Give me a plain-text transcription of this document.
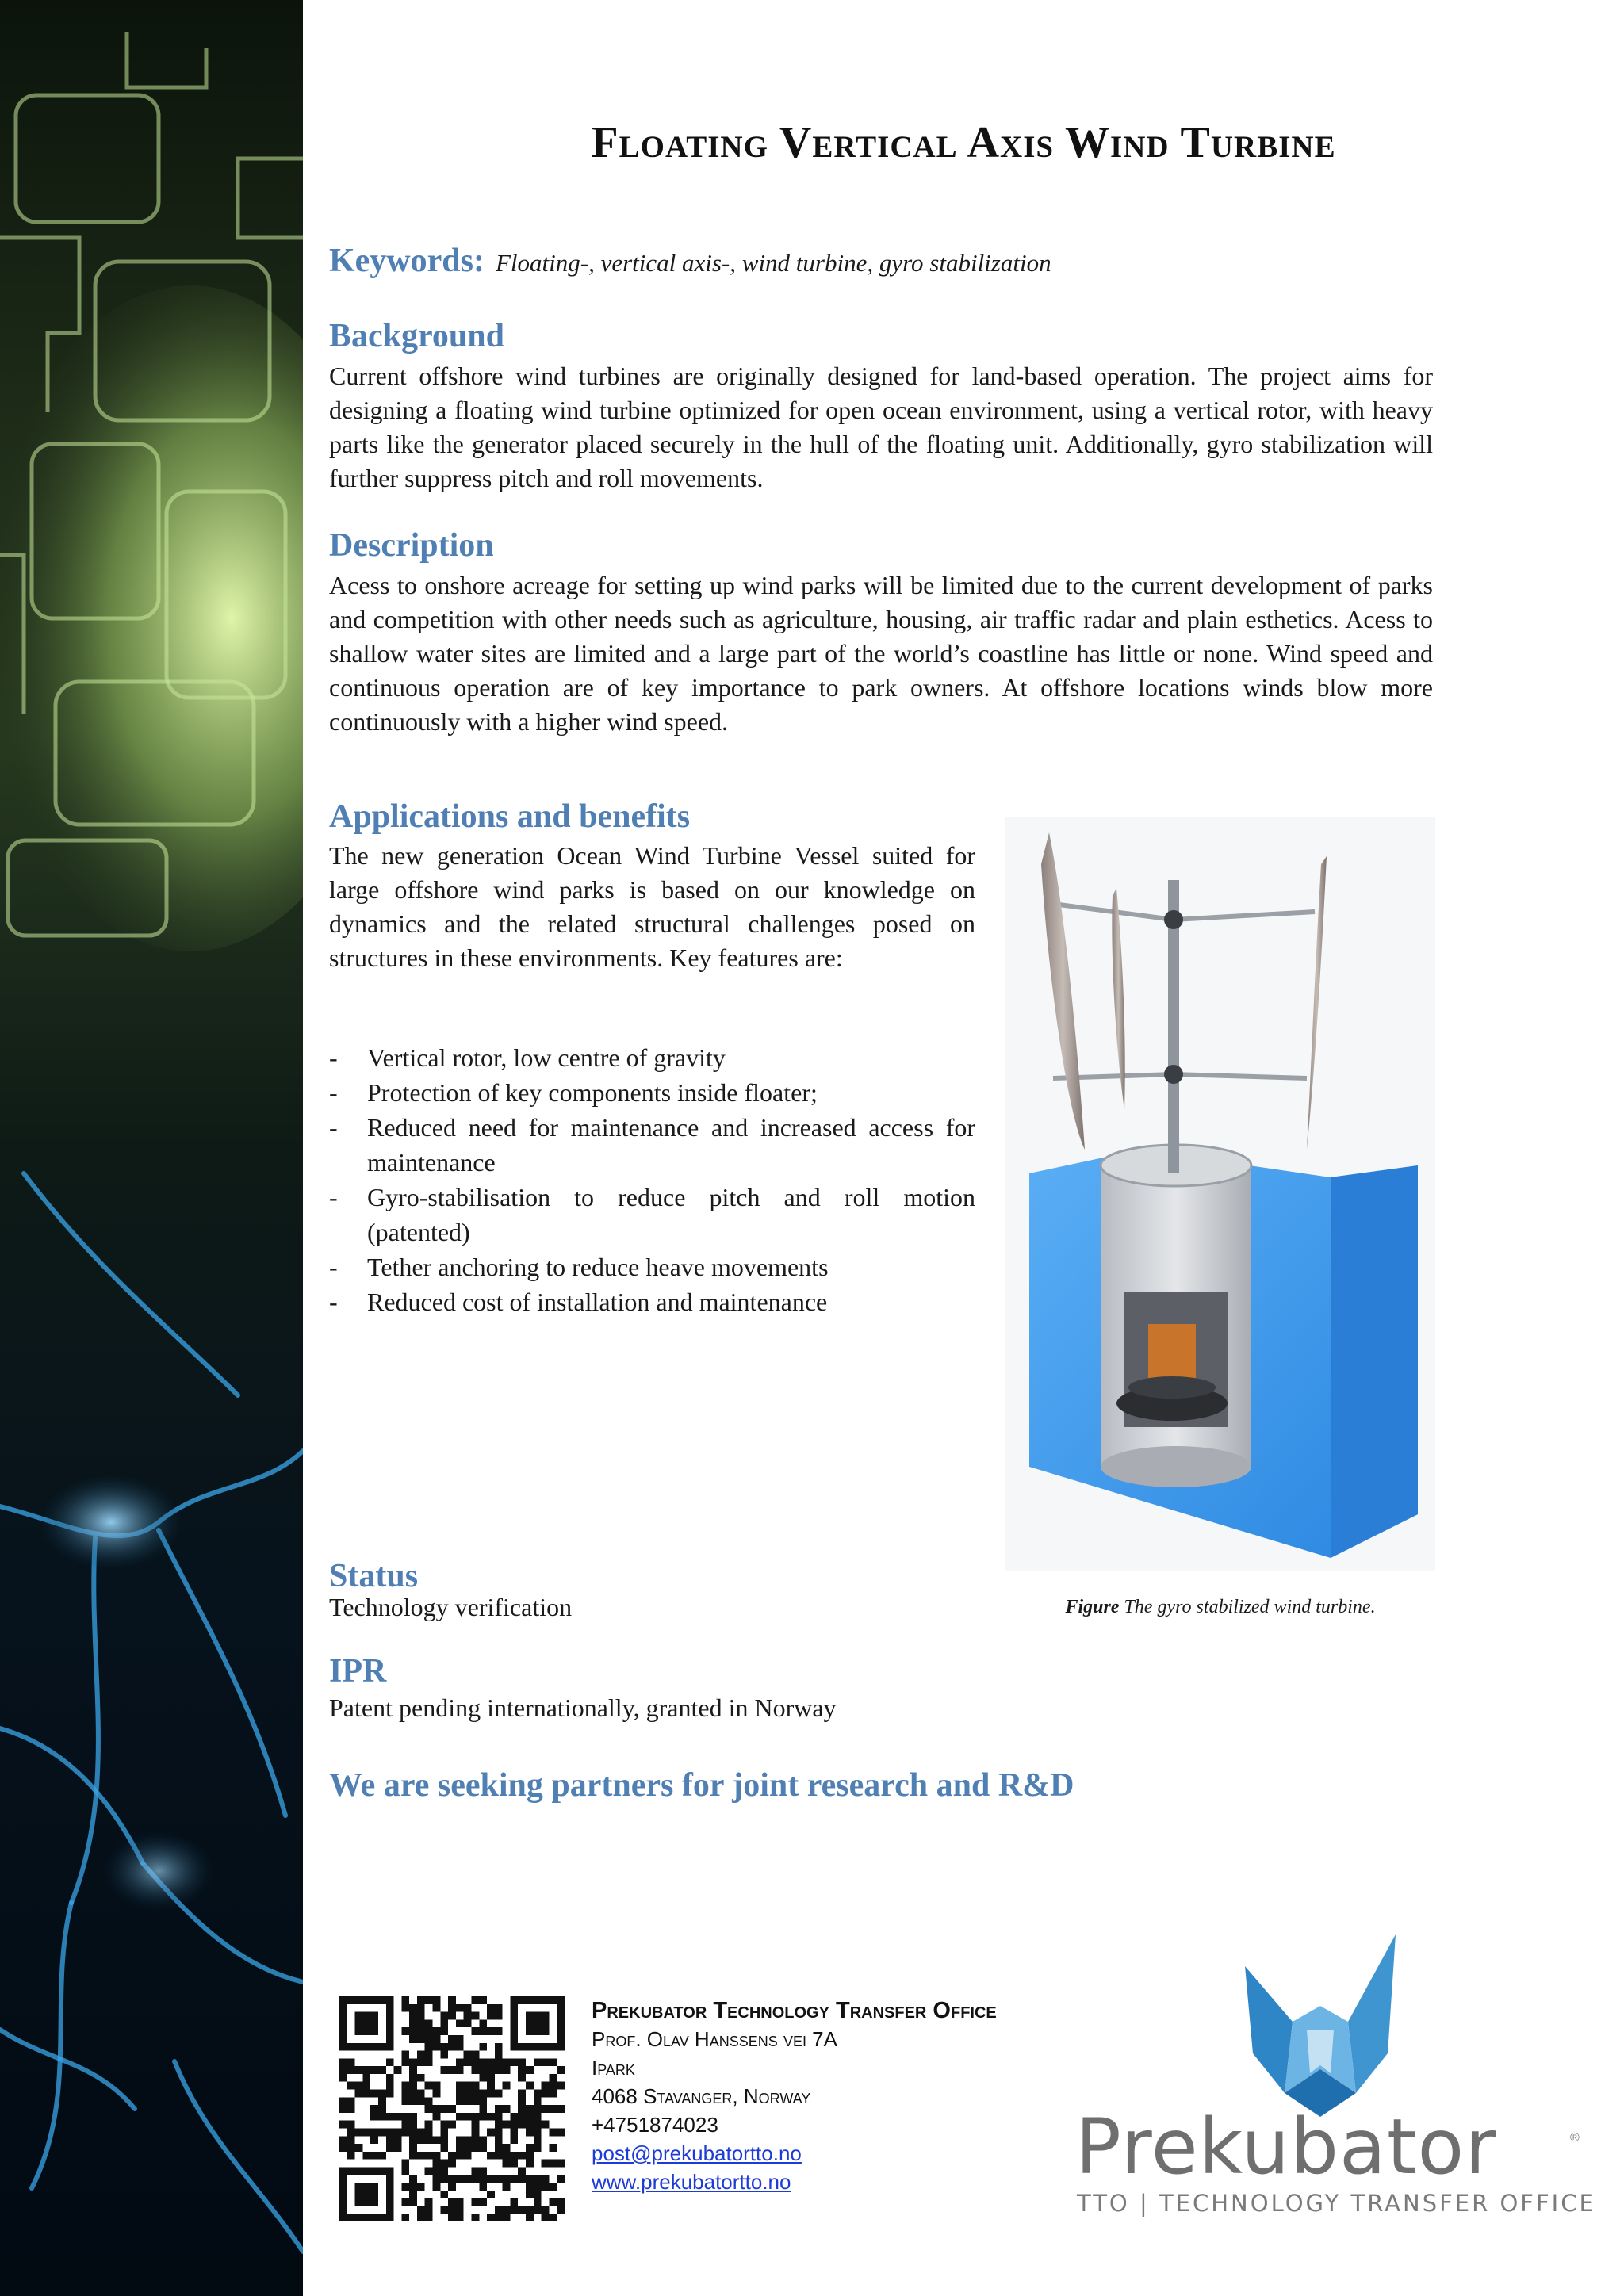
Floating Vertical Axis Wind Turbine
Keywords: Floating-, vertical axis-, wind turbine, gyro stabilization
Background
Current offshore wind turbines are originally designed for land-based operation. The project aims for designing a floating wind turbine optimized for open ocean environment, using a vertical rotor, with heavy parts like the generator placed securely in the hull of the floating unit. Additionally, gyro stabilization will further suppress pitch and roll movements.
Description
Acess to onshore acreage for setting up wind parks will be limited due to the current development of parks and competition with other needs such as agriculture, housing, air traffic radar and plain esthetics. Acess to shallow water sites are limited and a large part of the world’s coastline has little or none. Wind speed and continuous operation are of key importance to park owners. At offshore locations winds blow more continuously with a higher wind speed.
Applications and benefits
The new generation Ocean Wind Turbine Vessel suited for large offshore wind parks is based on our knowledge on dynamics and the related structural challenges posed on structures in these environments. Key features are:
- Vertical rotor, low centre of gravity
- Protection of key components inside floater;
- Reduced need for maintenance and increased access for maintenance
- Gyro-stabilisation to reduce pitch and roll motion (patented)
- Tether anchoring to reduce heave movements
- Reduced cost of installation and maintenance
Figure The gyro stabilized wind turbine.
Status
Technology verification
IPR
Patent pending internationally, granted in Norway
We are seeking partners for joint research and R&D
Prekubator Technology Transfer Office
Prof. Olav Hanssens vei 7A
Ipark
4068 Stavanger, Norway
+4751874023
post@prekubatortto.no
www.prekubatortto.no	Prekubator	®
TTO | TECHNOLOGY TRANSFER OFFICE
